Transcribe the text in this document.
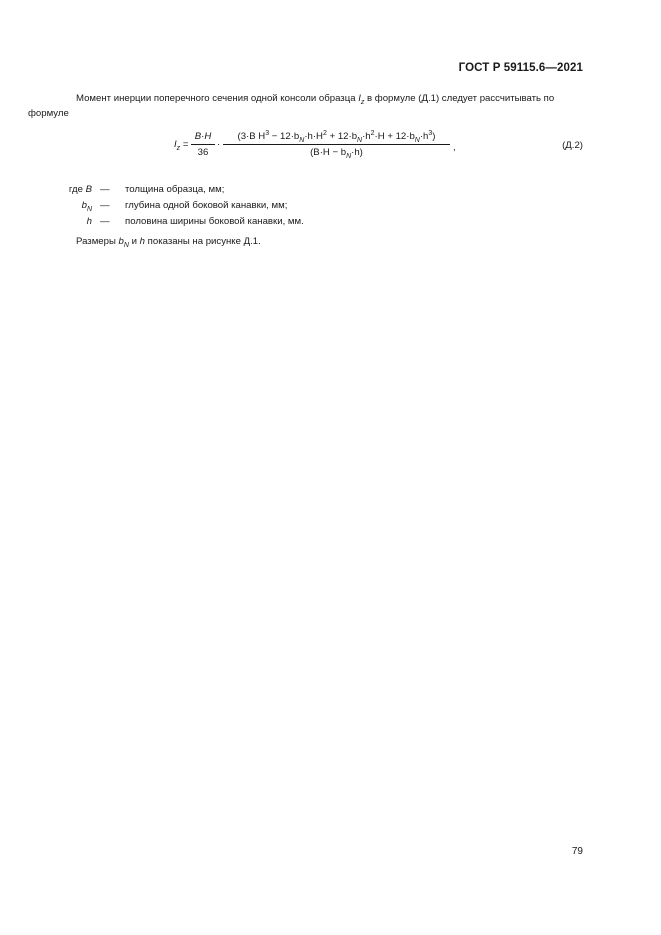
ГОСТ Р 59115.6—2021
Момент инерции поперечного сечения одной консоли образца $I_z$ в формуле (Д.1) следует рассчитывать по
формуле
$I_z$ =
B·H
36
·
(3·B $H^3 - 12\cdot b_N\cdot h\cdot H^2 + 12\cdot b_N\cdot h^2\cdot H + 12\cdot b_N\cdot h^3$)
$(B\cdot H - b_N\cdot h)$	,	(Д.2)
где B — толщина образца, мм;
$b_N$ — глубина одной боковой канавки, мм;
h — половина ширины боковой канавки, мм.
Размеры $b_N$ и h показаны на рисунке Д.1.
79
